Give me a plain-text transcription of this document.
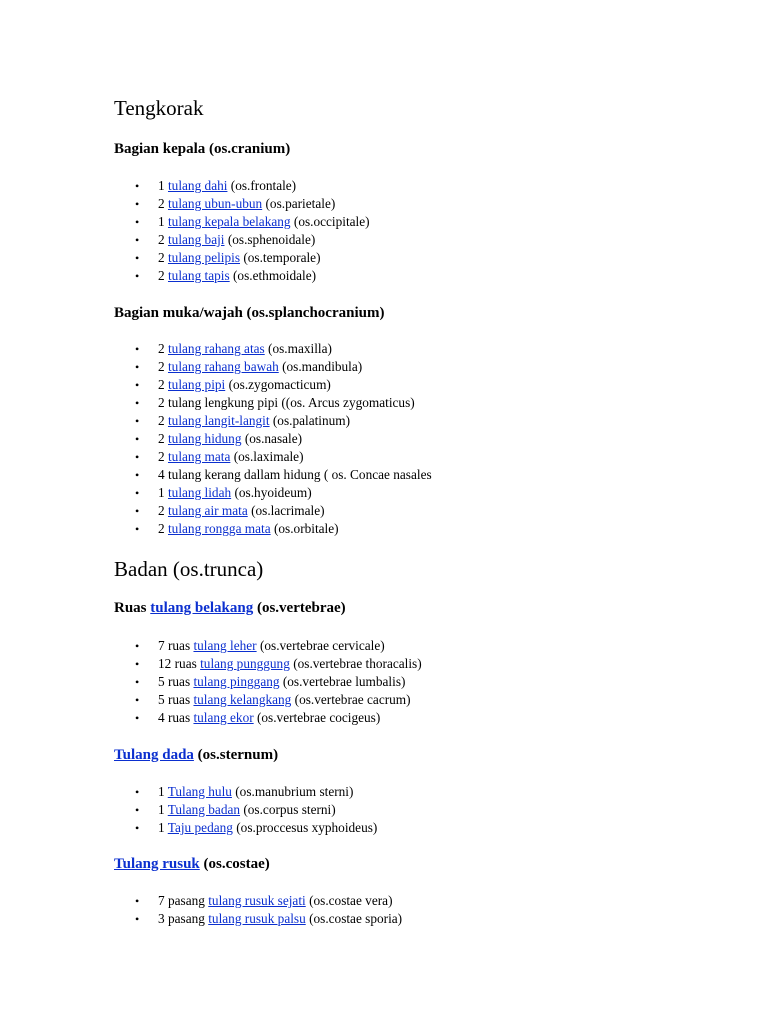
Tengkorak
Bagian kepala (os.cranium)
• 1 tulang dahi (os.frontale)
• 2 tulang ubun-ubun (os.parietale)
• 1 tulang kepala belakang (os.occipitale)
• 2 tulang baji (os.sphenoidale)
• 2 tulang pelipis (os.temporale)
• 2 tulang tapis (os.ethmoidale)
Bagian muka/wajah (os.splanchocranium)
• 2 tulang rahang atas (os.maxilla)
• 2 tulang rahang bawah (os.mandibula)
• 2 tulang pipi (os.zygomacticum)
• 2 tulang lengkung pipi ((os. Arcus zygomaticus)
• 2 tulang langit-langit (os.palatinum)
• 2 tulang hidung (os.nasale)
• 2 tulang mata (os.laximale)
• 4 tulang kerang dallam hidung ( os. Concae nasales
• 1 tulang lidah (os.hyoideum)
• 2 tulang air mata (os.lacrimale)
• 2 tulang rongga mata (os.orbitale)
Badan (os.trunca)
Ruas tulang belakang (os.vertebrae)
• 7 ruas tulang leher (os.vertebrae cervicale)
• 12 ruas tulang punggung (os.vertebrae thoracalis)
• 5 ruas tulang pinggang (os.vertebrae lumbalis)
• 5 ruas tulang kelangkang (os.vertebrae cacrum)
• 4 ruas tulang ekor (os.vertebrae cocigeus)
Tulang dada (os.sternum)
• 1 Tulang hulu (os.manubrium sterni)
• 1 Tulang badan (os.corpus sterni)
• 1 Taju pedang (os.proccesus xyphoideus)
Tulang rusuk (os.costae)
• 7 pasang tulang rusuk sejati (os.costae vera)
• 3 pasang tulang rusuk palsu (os.costae sporia)
